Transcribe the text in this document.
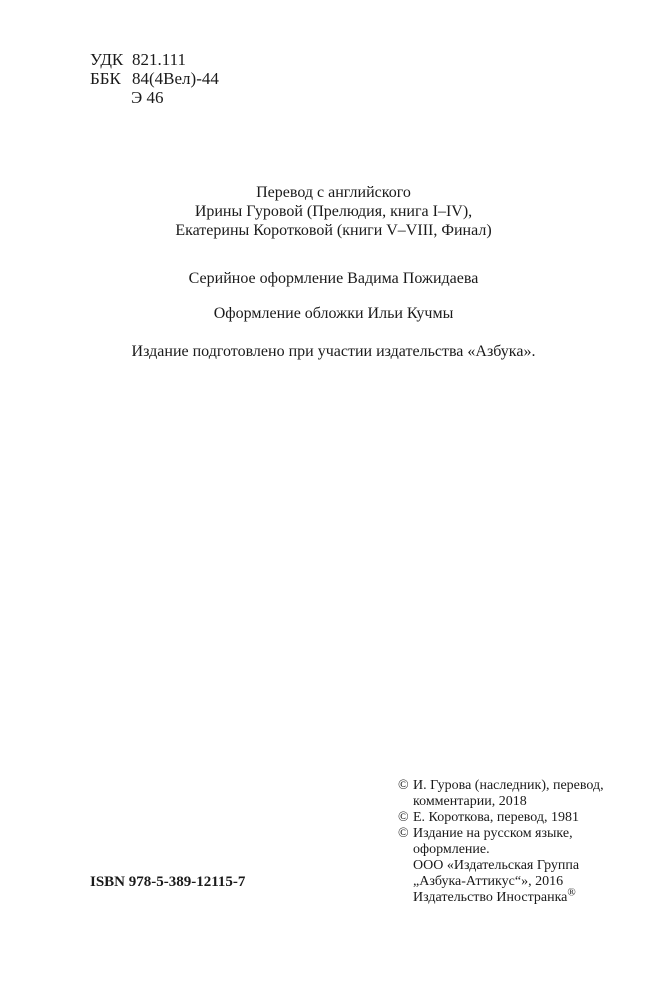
УДК 821.111
ББК 84(4Вел)-44
Э 46
Перевод с английского
Ирины Гуровой (Прелюдия, книга I–IV),
Екатерины Коротковой (книги V–VIII, Финал)
Серийное оформление Вадима Пожидаева
Оформление обложки Ильи Кучмы
Издание подготовлено при участии издательства «Азбука».
© И. Гурова (наследник), перевод,
комментарии, 2018
© Е. Короткова, перевод, 1981
© Издание на русском языке,
оформление.
ООО «Издательская Группа
„Азбука-Аттикус“», 2016
Издательство Иностранка®
ISBN 978-5-389-12115-7
